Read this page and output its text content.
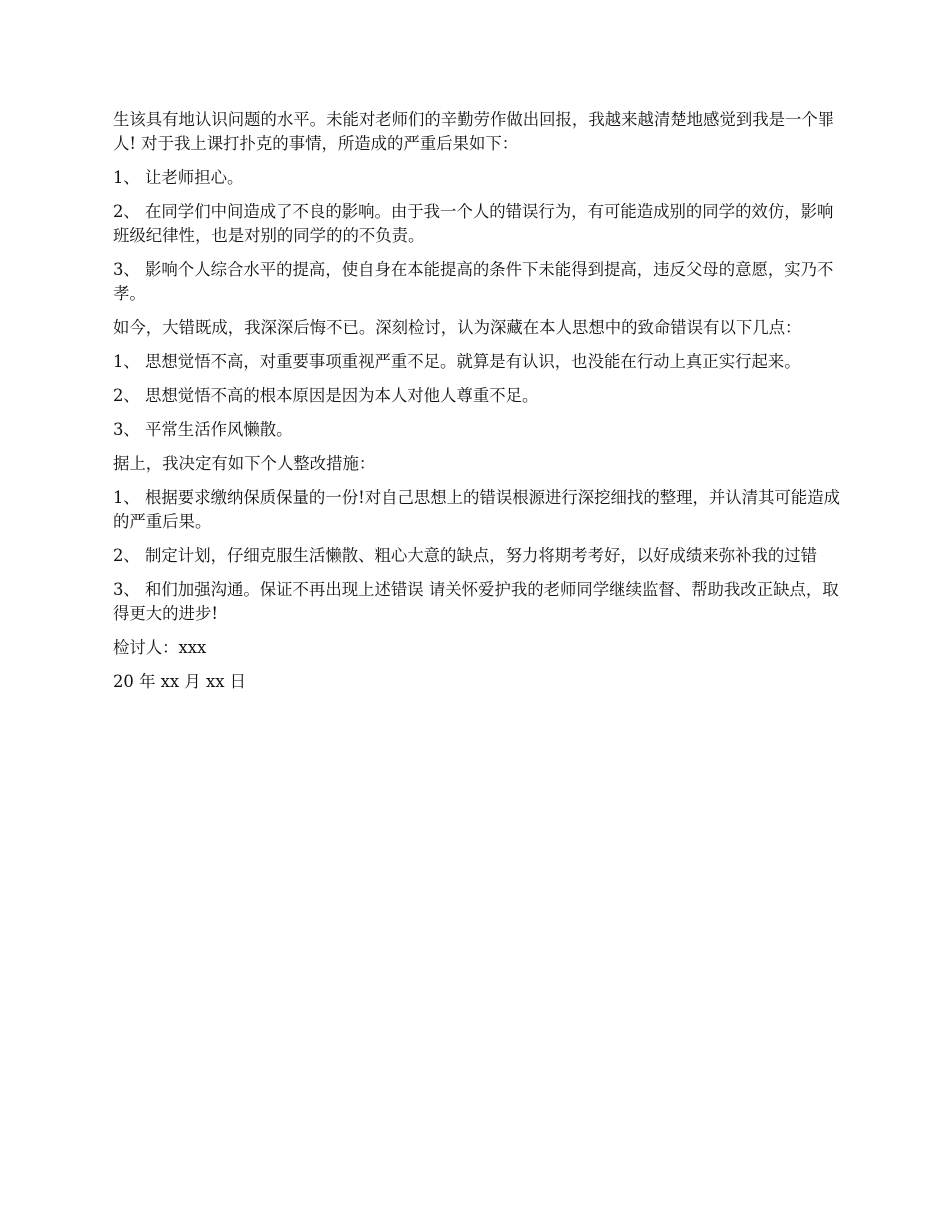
生该具有地认识问题的水平。未能对老师们的辛勤劳作做出回报，我越来越清楚地感觉到我是一个罪人! 对于我上课打扑克的事情，所造成的严重后果如下：

1、 让老师担心。

2、 在同学们中间造成了不良的影响。由于我一个人的错误行为，有可能造成别的同学的效仿，影响班级纪律性，也是对别的同学的的不负责。

3、 影响个人综合水平的提高，使自身在本能提高的条件下未能得到提高，违反父母的意愿，实乃不孝。

如今，大错既成，我深深后悔不已。深刻检讨，认为深藏在本人思想中的致命错误有以下几点：

1、 思想觉悟不高，对重要事项重视严重不足。就算是有认识，也没能在行动上真正实行起来。

2、 思想觉悟不高的根本原因是因为本人对他人尊重不足。

3、 平常生活作风懒散。

据上，我决定有如下个人整改措施：

1、 根据要求缴纳保质保量的一份!对自己思想上的错误根源进行深挖细找的整理，并认清其可能造成的严重后果。

2、 制定计划，仔细克服生活懒散、粗心大意的缺点，努力将期考考好，以好成绩来弥补我的过错

3、 和们加强沟通。保证不再出现上述错误 请关怀爱护我的老师同学继续监督、帮助我改正缺点，取得更大的进步!

检讨人：xxx

20 年 xx 月 xx 日
